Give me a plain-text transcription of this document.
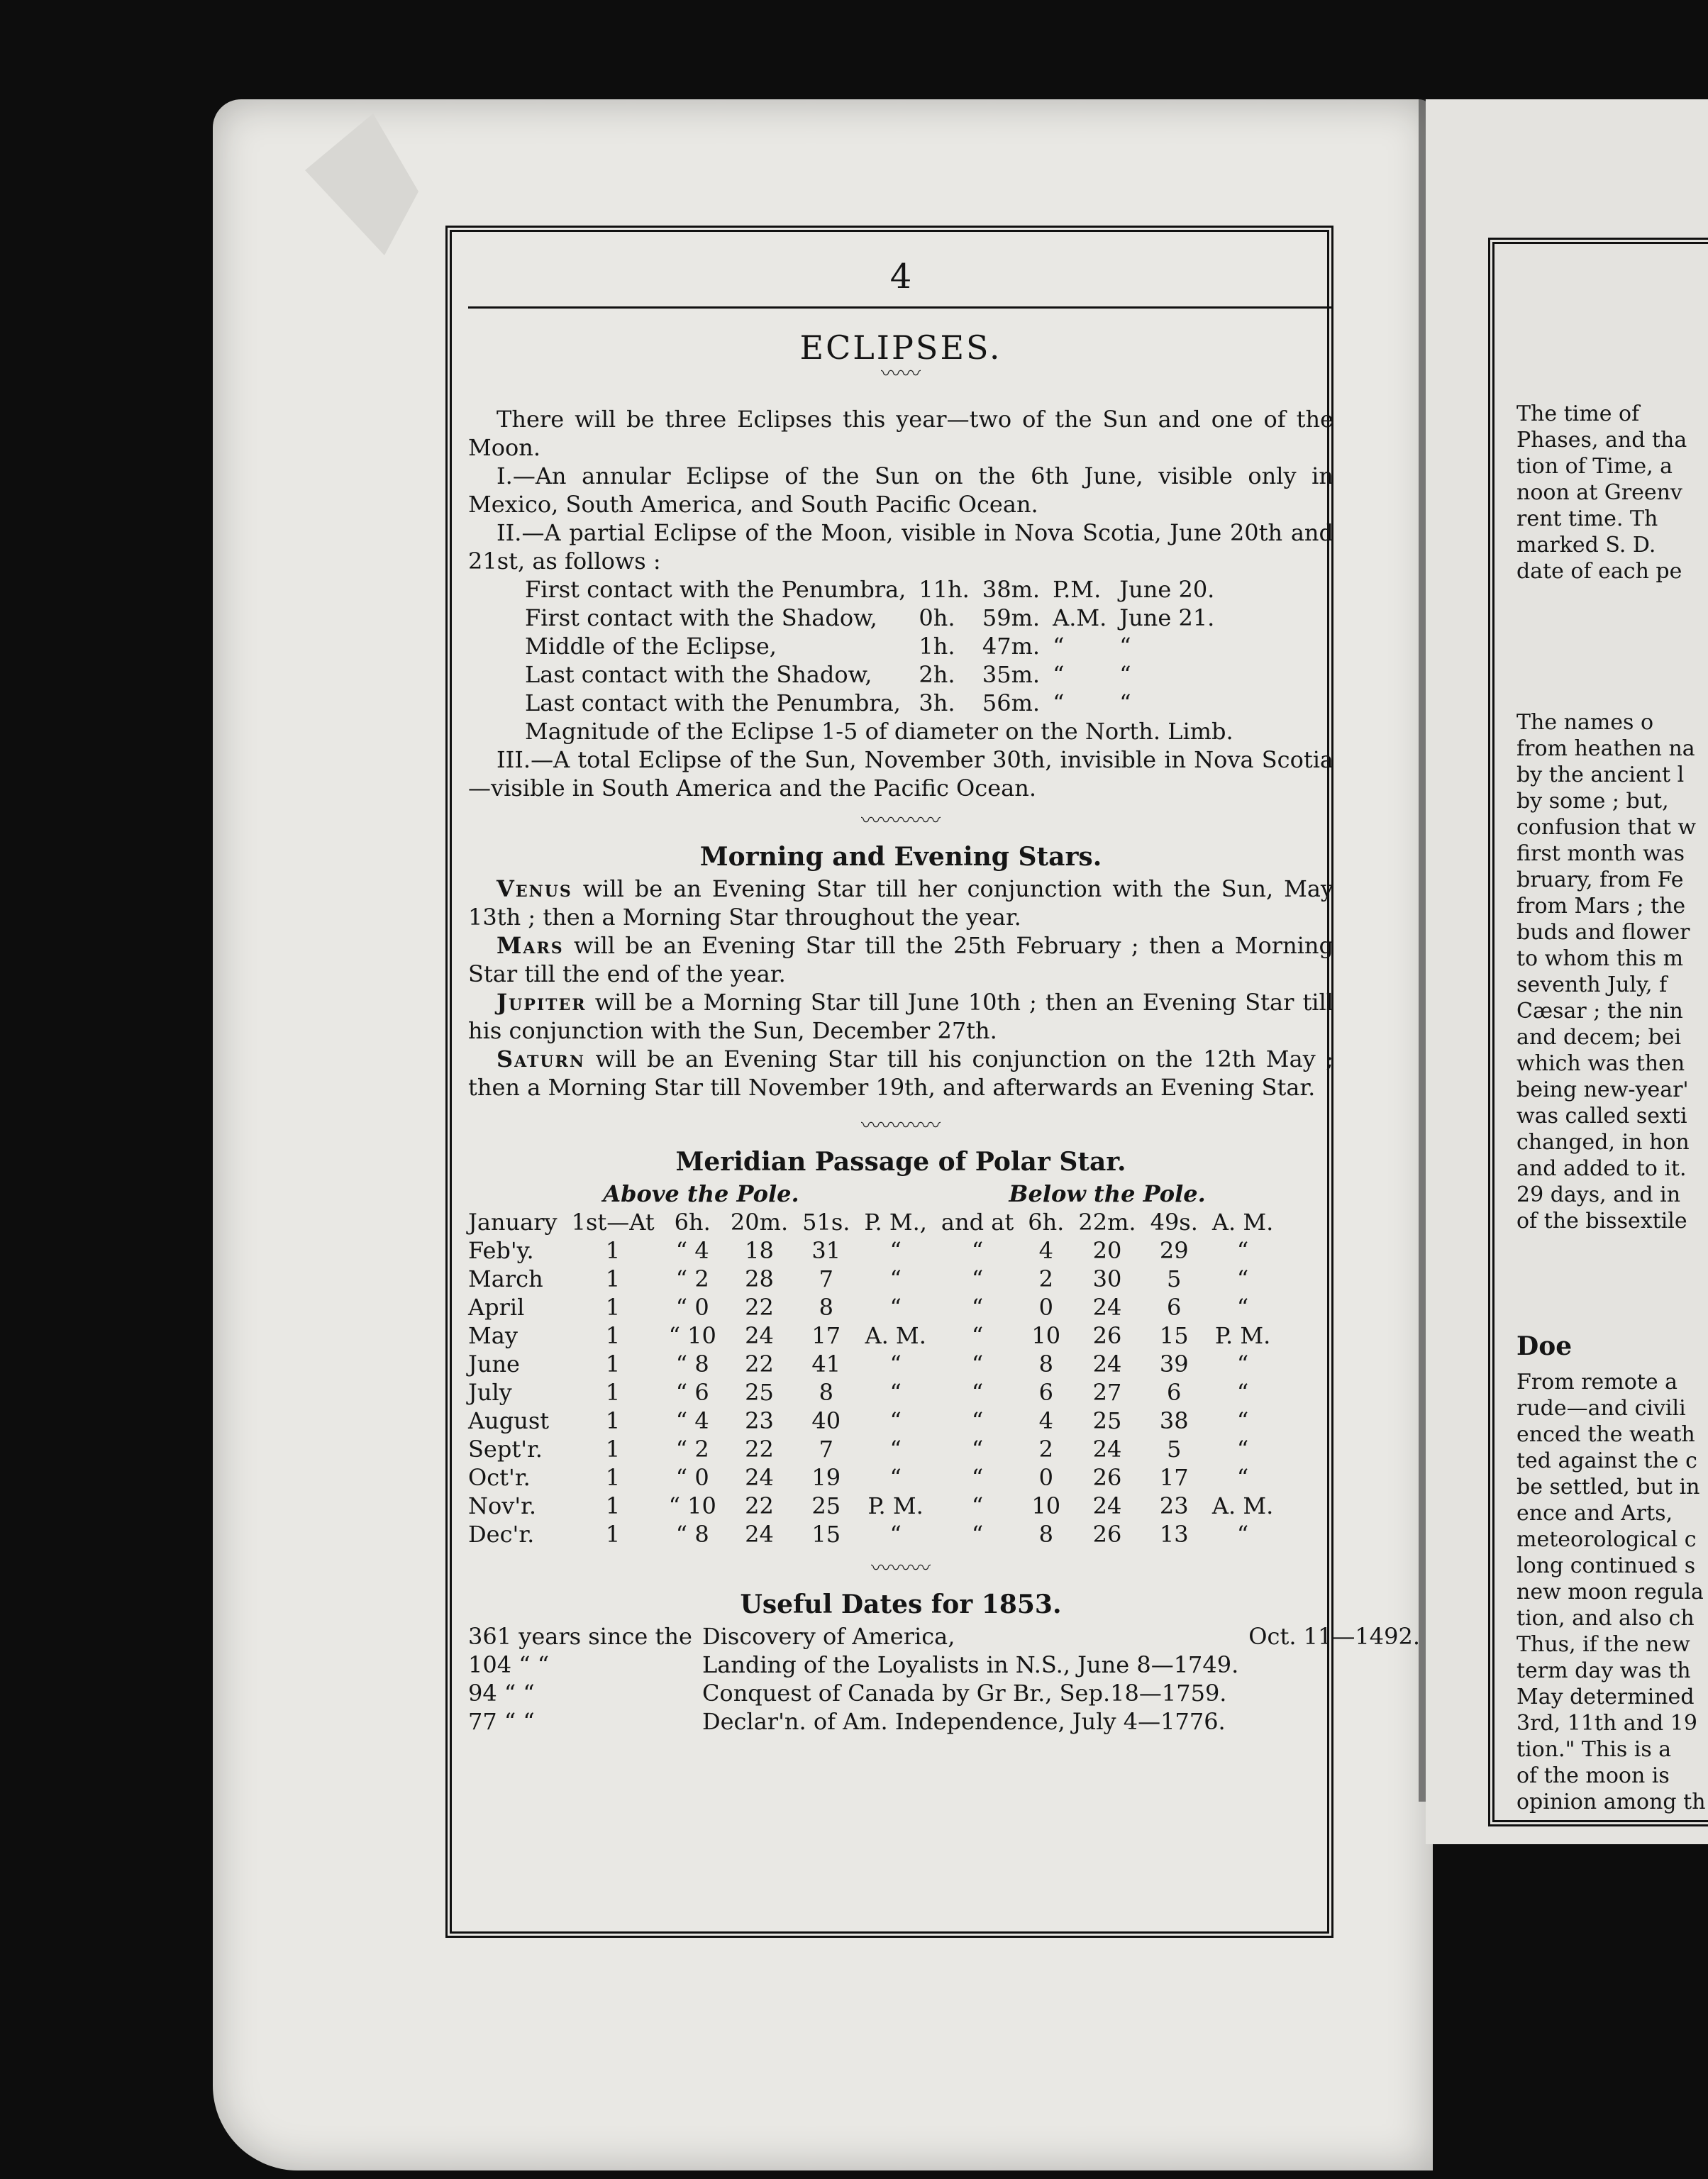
4
ECLIPSES.
〰〰

There will be three Eclipses this year—two of the Sun and one of the Moon.

I.—An annular Eclipse of the Sun on the 6th June, visible only in Mexico, South America, and South Pacific Ocean.

II.—A partial Eclipse of the Moon, visible in Nova Scotia, June 20th and 21st, as follows :

First contact with the Penumbra,	11h.	38m.	P.M.	June 20.
First contact with the Shadow,	0h.	59m.	A.M.	June 21.
Middle of the Eclipse,	1h.	47m.	“	“
Last contact with the Shadow,	2h.	35m.	“	“
Last contact with the Penumbra,	3h.	56m.	“	“

Magnitude of the Eclipse 1-5 of diameter on the North. Limb.

III.—A total Eclipse of the Sun, November 30th, invisible in Nova Scotia—visible in South America and the Pacific Ocean.

〰〰〰〰
Morning and Evening Stars.

Venus will be an Evening Star till her conjunction with the Sun, May 13th ; then a Morning Star throughout the year.

Mars will be an Evening Star till the 25th February ; then a Morning Star till the end of the year.

Jupiter will be a Morning Star till June 10th ; then an Evening Star till his conjunction with the Sun, December 27th.

Saturn will be an Evening Star till his conjunction on the 12th May ; then a Morning Star till November 19th, and afterwards an Evening Star.

〰〰〰〰
Meridian Passage of Polar Star.
Above the Pole.						Below the Pole.				
January	1st—At	6h.	20m.	51s.	P. M.,	and at	6h.	22m.	49s.	A. M.
Feb'y.	1	“ 4	18	31	“	“	4	20	29	“
March	1	“ 2	28	7	“	“	2	30	5	“
April	1	“ 0	22	8	“	“	0	24	6	“
May	1	“ 10	24	17	A. M.	“	10	26	15	P. M.
June	1	“ 8	22	41	“	“	8	24	39	“
July	1	“ 6	25	8	“	“	6	27	6	“
August	1	“ 4	23	40	“	“	4	25	38	“
Sept'r.	1	“ 2	22	7	“	“	2	24	5	“
Oct'r.	1	“ 0	24	19	“	“	0	26	17	“
Nov'r.	1	“ 10	22	25	P. M.	“	10	24	23	A. M.
Dec'r.	1	“ 8	24	15	“	“	8	26	13	“
〰〰〰
Useful Dates for 1853.
361 years since the	Discovery of America,	Oct. 11—1492.
104 “ “	Landing of the Loyalists in N.S., June 8—1749.	
94 “ “	Conquest of Canada by Gr Br., Sep.18—1759.	
77 “ “	Declar'n. of Am. Independence, July 4—1776.	
The time of
Phases, and tha
tion of Time, a
noon at Greenv
rent time. Th
marked S. D.
date of each pe
The names o
from heathen na
by the ancient l
by some ; but,
confusion that w
first month was
bruary, from Fe
from Mars ; the
buds and flower
to whom this m
seventh July, f
Cæsar ; the nin
and decem; bei
which was then
being new-year'
was called sexti
changed, in hon
and added to it.
29 days, and in
of the bissextile
Doe
From remote a
rude—and civili
enced the weath
ted against the c
be settled, but in
ence and Arts,
meteorological c
long continued s
new moon regula
tion, and also ch
Thus, if the new
term day was th
May determined
3rd, 11th and 19
tion." This is a
of the moon is
opinion among th
